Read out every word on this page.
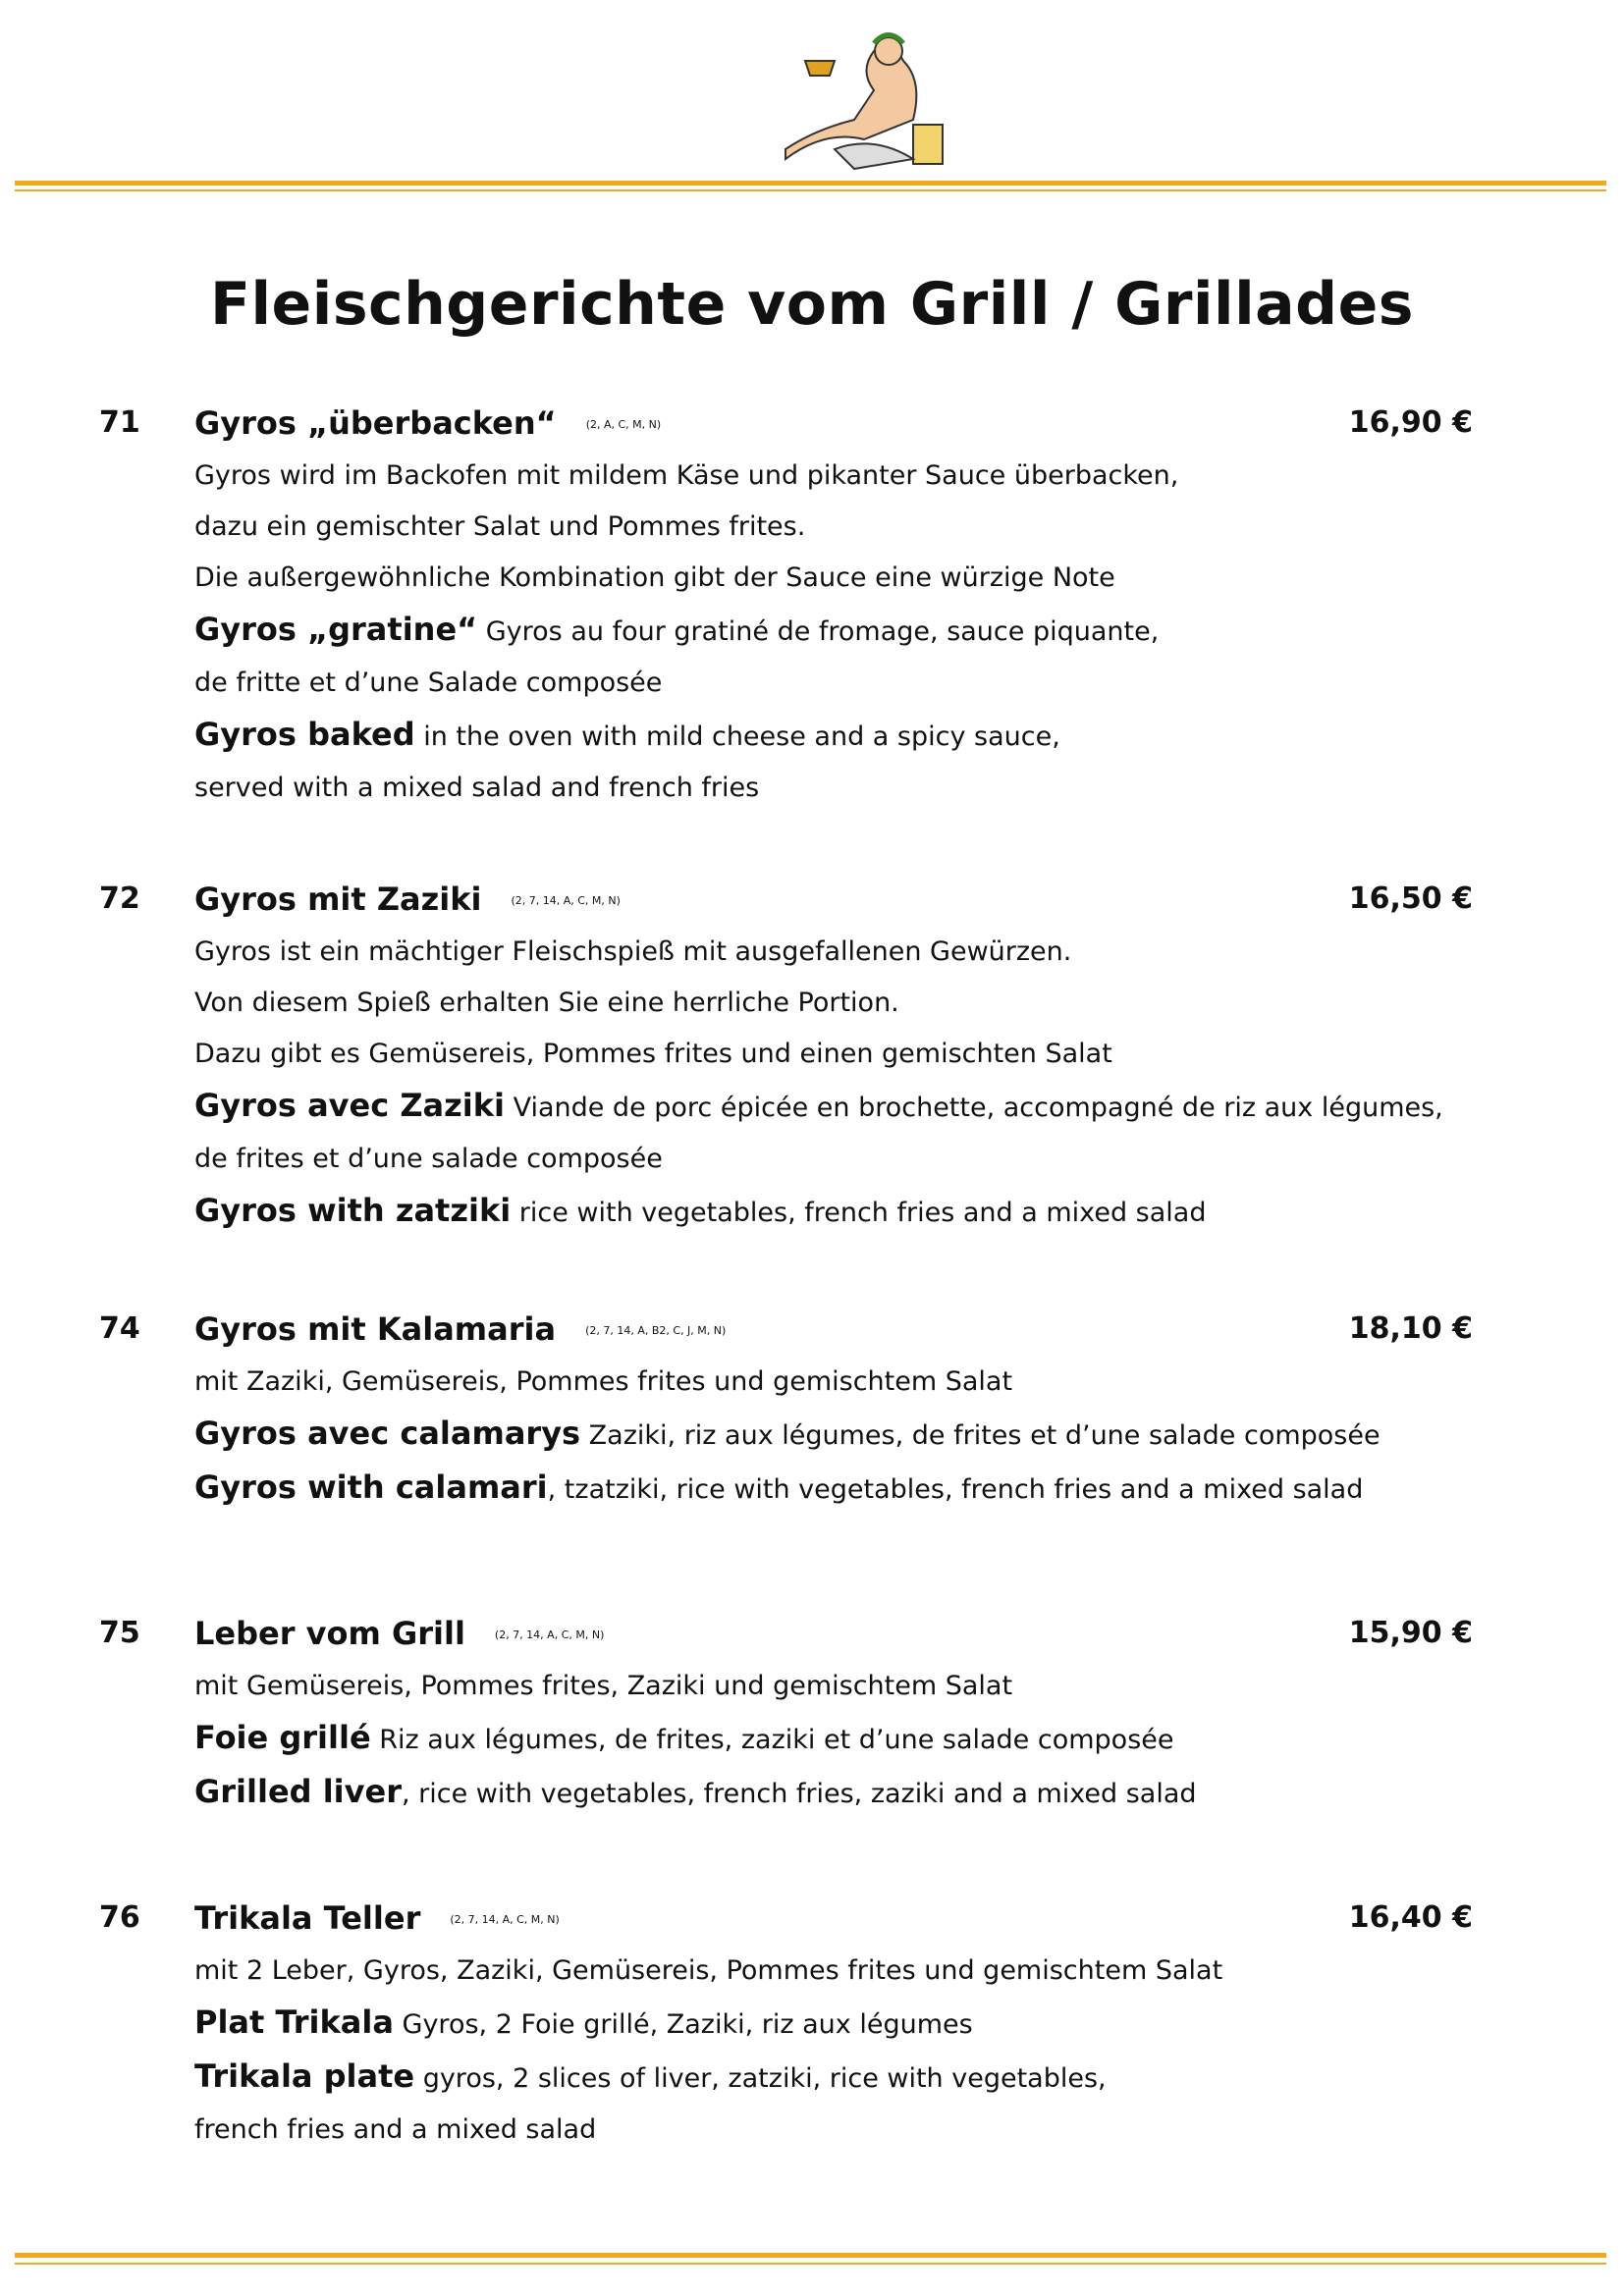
Fleischgerichte vom Grill / Grillades
71	16,90 €
Gyros „überbacken“	(2, A, C, M, N)
Gyros wird im Backofen mit mildem Käse und pikanter Sauce überbacken,
dazu ein gemischter Salat und Pommes frites.
Die außergewöhnliche Kombination gibt der Sauce eine würzige Note
Gyros „gratine“ Gyros au four gratiné de fromage, sauce piquante,
de fritte et d’une Salade composée
Gyros baked in the oven with mild cheese and a spicy sauce,
served with a mixed salad and french fries
72	16,50 €
Gyros mit Zaziki	(2, 7, 14, A, C, M, N)
Gyros ist ein mächtiger Fleischspieß mit ausgefallenen Gewürzen.
Von diesem Spieß erhalten Sie eine herrliche Portion.
Dazu gibt es Gemüsereis, Pommes frites und einen gemischten Salat
Gyros avec Zaziki Viande de porc épicée en brochette, accompagné de riz aux légumes,
de frites et d’une salade composée
Gyros with zatziki rice with vegetables, french fries and a mixed salad
74	18,10 €
Gyros mit Kalamaria	(2, 7, 14, A, B2, C, J, M, N)
mit Zaziki, Gemüsereis, Pommes frites und gemischtem Salat
Gyros avec calamarys Zaziki, riz aux légumes, de frites et d’une salade composée
Gyros with calamari, tzatziki, rice with vegetables, french fries and a mixed salad
75	15,90 €
Leber vom Grill	(2, 7, 14, A, C, M, N)
mit Gemüsereis, Pommes frites, Zaziki und gemischtem Salat
Foie grillé Riz aux légumes, de frites, zaziki et d’une salade composée
Grilled liver, rice with vegetables, french fries, zaziki and a mixed salad
76	16,40 €
Trikala Teller	(2, 7, 14, A, C, M, N)
mit 2 Leber, Gyros, Zaziki, Gemüsereis, Pommes frites und gemischtem Salat
Plat Trikala Gyros, 2 Foie grillé, Zaziki, riz aux légumes
Trikala plate gyros, 2 slices of liver, zatziki, rice with vegetables,
french fries and a mixed salad
